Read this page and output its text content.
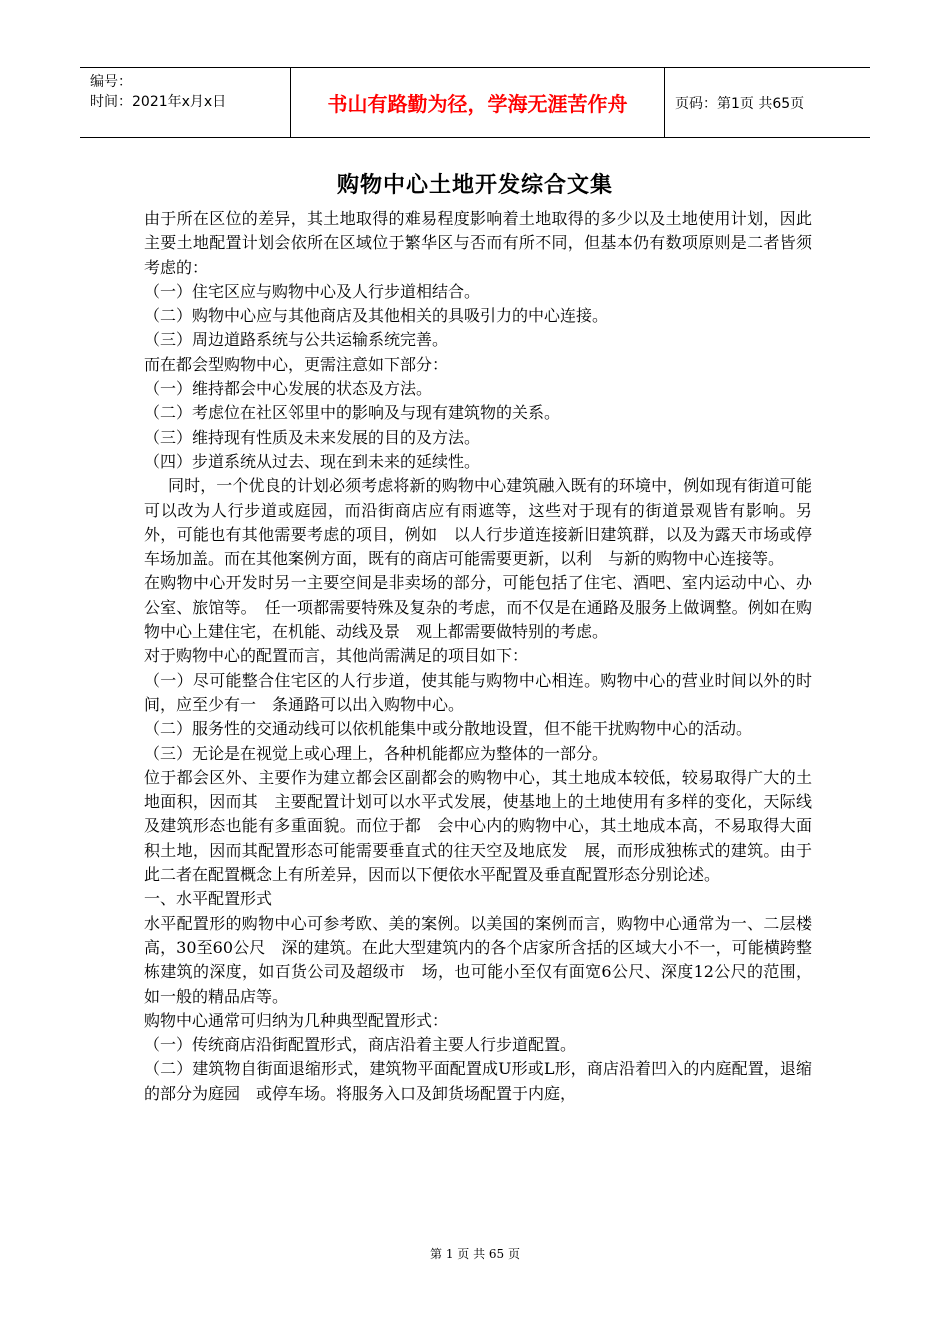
编号：
时间：2021年x月x日	书山有路勤为径，学海无涯苦作舟	页码：第1页 共65页
购物中心土地开发综合文集

由于所在区位的差异，其土地取得的难易程度影响着土地取得的多少以及土地使用计划，因此主要土地配置计划会依所在区域位于繁华区与否而有所不同，但基本仍有数项原则是二者皆须考虑的：

（一）住宅区应与购物中心及人行步道相结合。

（二）购物中心应与其他商店及其他相关的具吸引力的中心连接。

（三）周边道路系统与公共运输系统完善。

而在都会型购物中心，更需注意如下部分：

（一）维持都会中心发展的状态及方法。

（二）考虑位在社区邻里中的影响及与现有建筑物的关系。

（三）维持现有性质及未来发展的目的及方法。

（四）步道系统从过去、现在到未来的延续性。

同时，一个优良的计划必须考虑将新的购物中心建筑融入既有的环境中，例如现有街道可能可以改为人行步道或庭园，而沿街商店应有雨遮等，这些对于现有的街道景观皆有影响。另外，可能也有其他需要考虑的项目，例如　以人行步道连接新旧建筑群，以及为露天市场或停车场加盖。而在其他案例方面，既有的商店可能需要更新，以利　与新的购物中心连接等。

在购物中心开发时另一主要空间是非卖场的部分，可能包括了住宅、酒吧、室内运动中心、办公室、旅馆等。　任一项都需要特殊及复杂的考虑，而不仅是在通路及服务上做调整。例如在购物中心上建住宅，在机能、动线及景　观上都需要做特别的考虑。

对于购物中心的配置而言，其他尚需满足的项目如下：

（一）尽可能整合住宅区的人行步道，使其能与购物中心相连。购物中心的营业时间以外的时间，应至少有一　条通路可以出入购物中心。

（二）服务性的交通动线可以依机能集中或分散地设置，但不能干扰购物中心的活动。

（三）无论是在视觉上或心理上，各种机能都应为整体的一部分。

位于都会区外、主要作为建立都会区副都会的购物中心，其土地成本较低，较易取得广大的土地面积，因而其　主要配置计划可以水平式发展，使基地上的土地使用有多样的变化，天际线及建筑形态也能有多重面貌。而位于都　会中心内的购物中心，其土地成本高，不易取得大面积土地，因而其配置形态可能需要垂直式的往天空及地底发　展，而形成独栋式的建筑。由于此二者在配置概念上有所差异，因而以下便依水平配置及垂直配置形态分别论述。

一、水平配置形式

水平配置形的购物中心可参考欧、美的案例。以美国的案例而言，购物中心通常为一、二层楼高，30至60公尺　深的建筑。在此大型建筑内的各个店家所含括的区域大小不一，可能横跨整栋建筑的深度，如百货公司及超级市　场，也可能小至仅有面宽6公尺、深度12公尺的范围，如一般的精品店等。

购物中心通常可归纳为几种典型配置形式：

（一）传统商店沿街配置形式，商店沿着主要人行步道配置。

（二）建筑物自街面退缩形式，建筑物平面配置成U形或L形，商店沿着凹入的内庭配置，退缩的部分为庭园　或停车场。将服务入口及卸货场配置于内庭，

第 1 页 共 65 页
